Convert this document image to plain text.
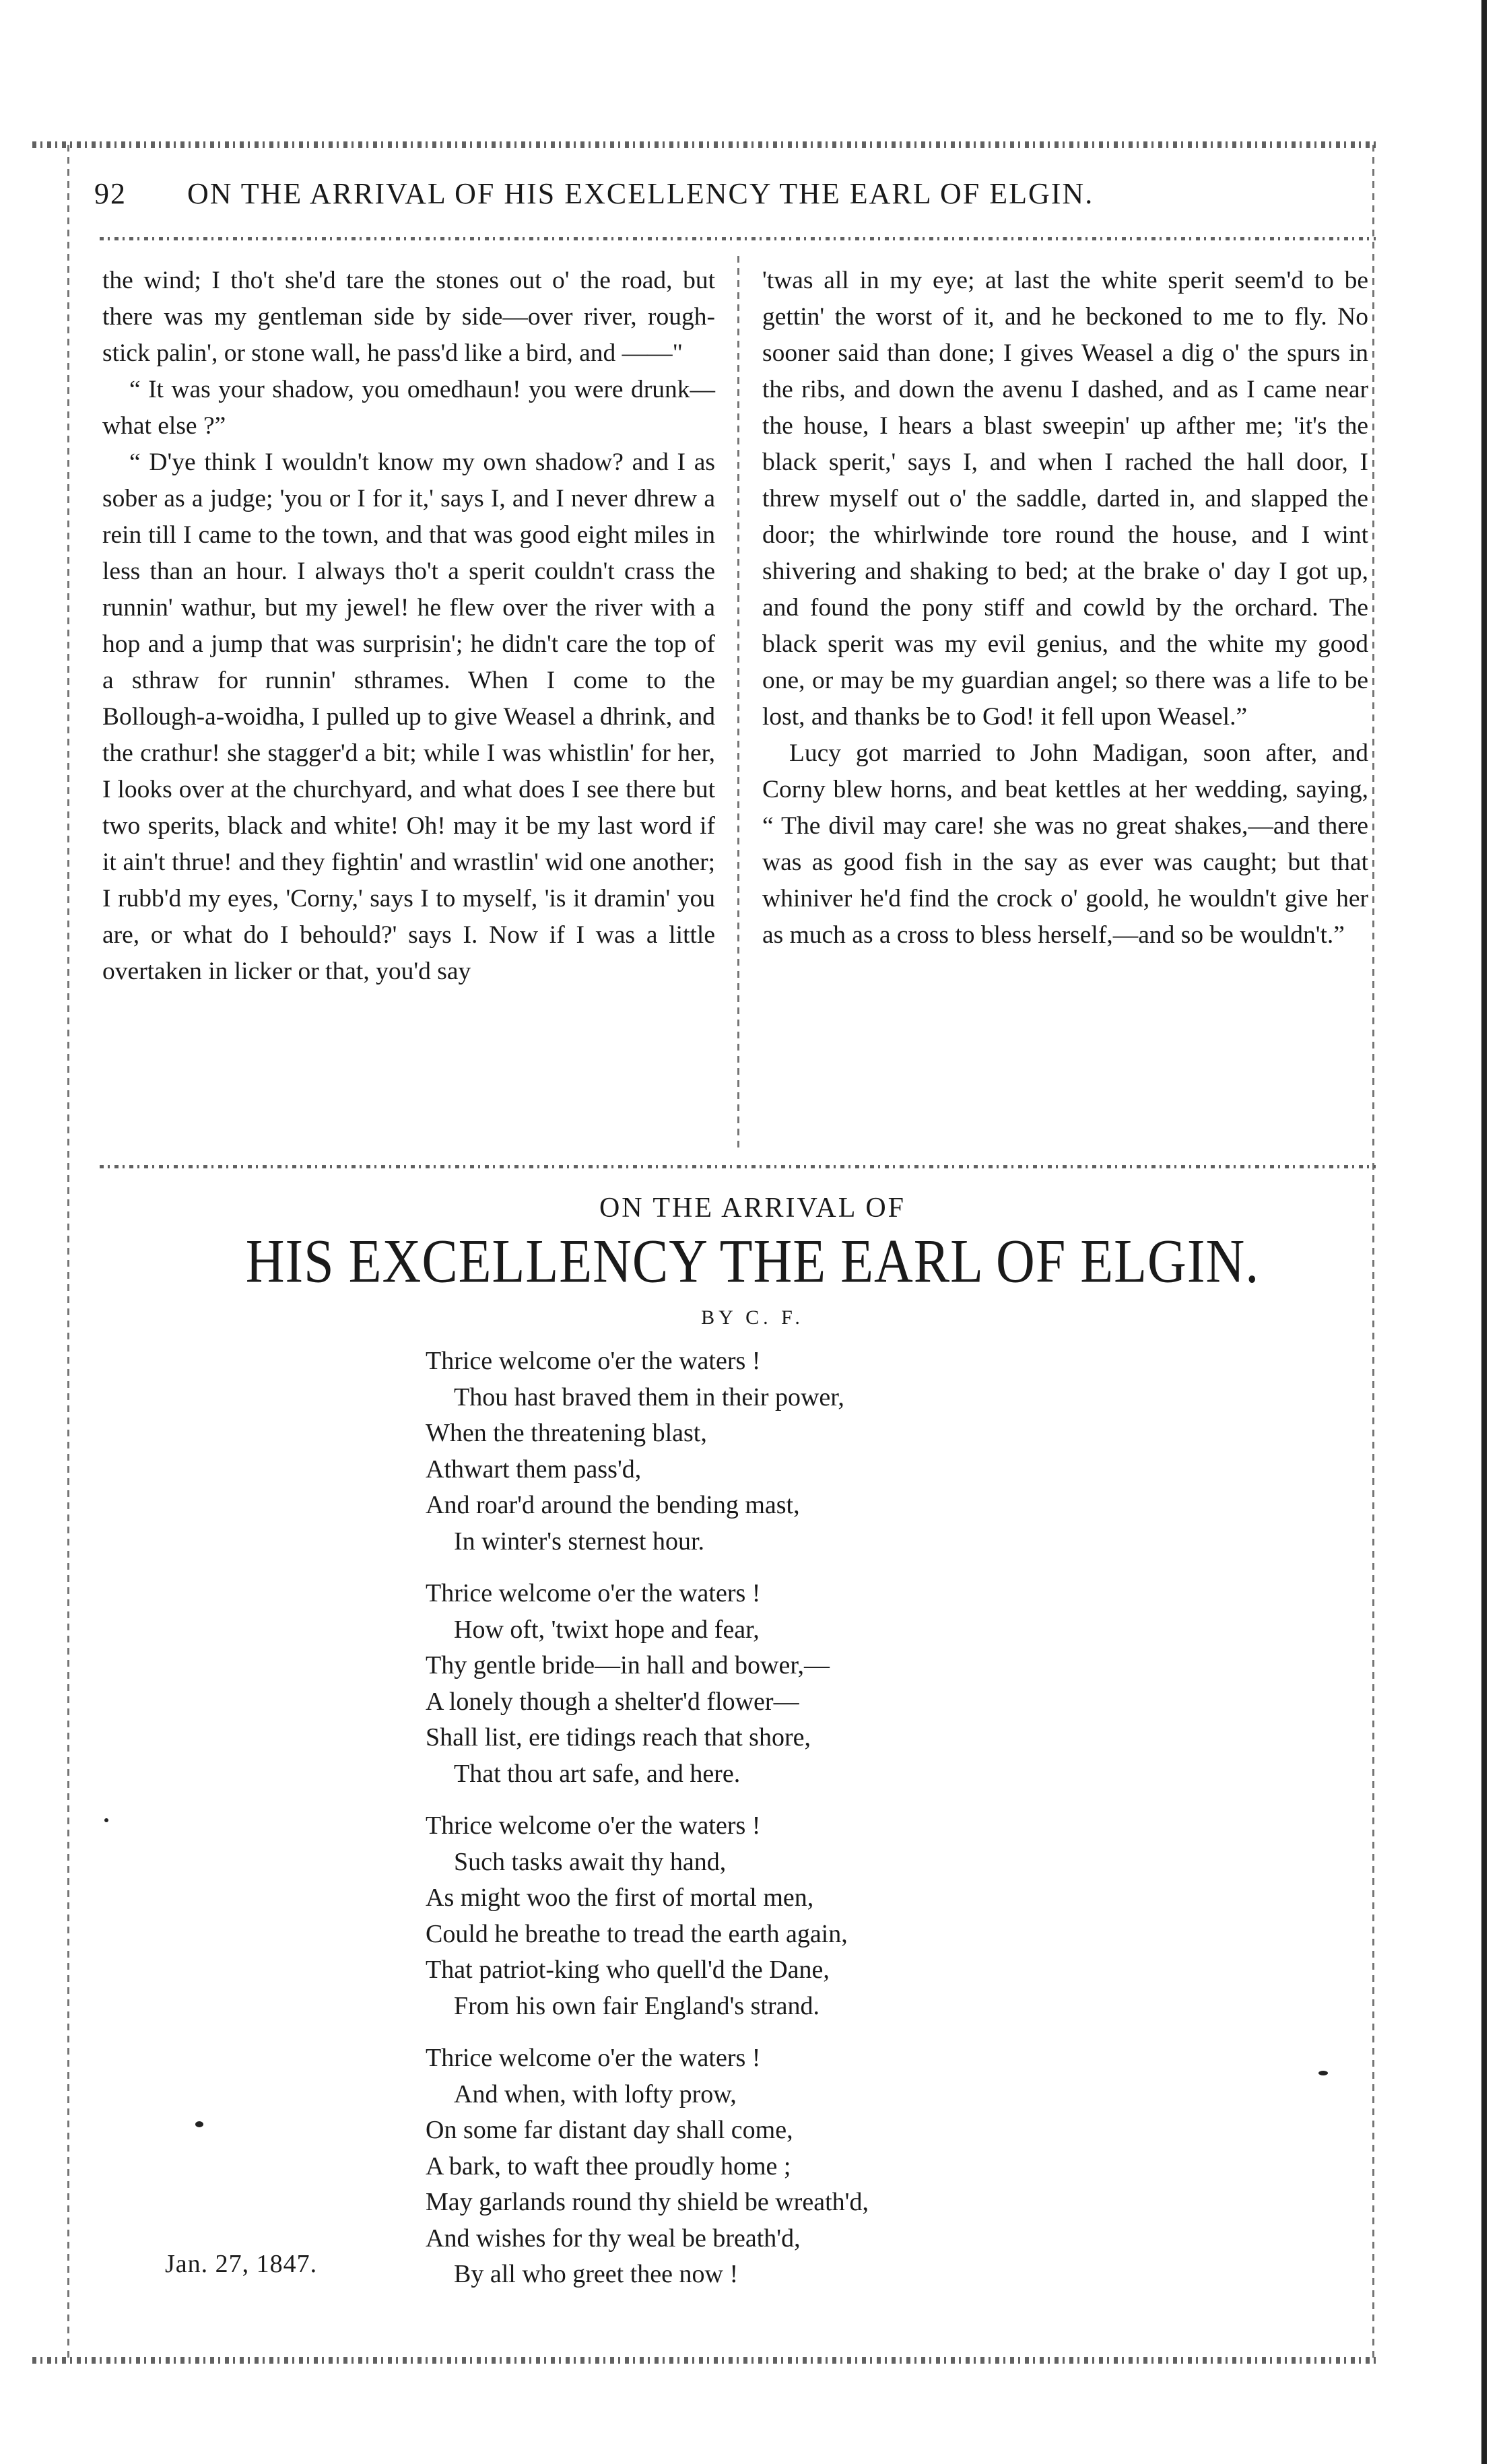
92 ON THE ARRIVAL OF HIS EXCELLENCY THE EARL OF ELGIN.

the wind; I tho't she'd tare the stones out o' the road, but there was my gentleman side by side—over river, rough-stick palin', or stone wall, he pass'd like a bird, and ——"

“ It was your shadow, you omedhaun! you were drunk—what else ?”

“ D'ye think I wouldn't know my own shadow? and I as sober as a judge; 'you or I for it,' says I, and I never dhrew a rein till I came to the town, and that was good eight miles in less than an hour. I always tho't a sperit couldn't crass the runnin' wathur, but my jewel! he flew over the river with a hop and a jump that was surprisin'; he didn't care the top of a sthraw for runnin' sthrames. When I come to the Bollough-a-woidha, I pulled up to give Weasel a dhrink, and the crathur! she stagger'd a bit; while I was whistlin' for her, I looks over at the churchyard, and what does I see there but two sperits, black and white! Oh! may it be my last word if it ain't thrue! and they fightin' and wrastlin' wid one another; I rubb'd my eyes, 'Corny,' says I to myself, 'is it dramin' you are, or what do I behould?' says I. Now if I was a little overtaken in licker or that, you'd say

'twas all in my eye; at last the white sperit seem'd to be gettin' the worst of it, and he beckoned to me to fly. No sooner said than done; I gives Weasel a dig o' the spurs in the ribs, and down the avenu I dashed, and as I came near the house, I hears a blast sweepin' up afther me; 'it's the black sperit,' says I, and when I rached the hall door, I threw myself out o' the saddle, darted in, and slapped the door; the whirlwinde tore round the house, and I wint shivering and shaking to bed; at the brake o' day I got up, and found the pony stiff and cowld by the orchard. The black sperit was my evil genius, and the white my good one, or may be my guardian angel; so there was a life to be lost, and thanks be to God! it fell upon Weasel.”

Lucy got married to John Madigan, soon after, and Corny blew horns, and beat kettles at her wedding, saying, “ The divil may care! she was no great shakes,—and there was as good fish in the say as ever was caught; but that whiniver he'd find the crock o' goold, he wouldn't give her as much as a cross to bless herself,—and so be wouldn't.”

ON THE ARRIVAL OF
HIS EXCELLENCY THE EARL OF ELGIN.
BY C. F.
Thrice welcome o'er the waters !
Thou hast braved them in their power,
When the threatening blast,
Athwart them pass'd,
And roar'd around the bending mast,
In winter's sternest hour.
Thrice welcome o'er the waters !
How oft, 'twixt hope and fear,
Thy gentle bride—in hall and bower,—
A lonely though a shelter'd flower—
Shall list, ere tidings reach that shore,
That thou art safe, and here.
Thrice welcome o'er the waters !
Such tasks await thy hand,
As might woo the first of mortal men,
Could he breathe to tread the earth again,
That patriot-king who quell'd the Dane,
From his own fair England's strand.
Thrice welcome o'er the waters !
And when, with lofty prow,
On some far distant day shall come,
A bark, to waft thee proudly home ;
May garlands round thy shield be wreath'd,
And wishes for thy weal be breath'd,
By all who greet thee now !
Jan. 27, 1847.
